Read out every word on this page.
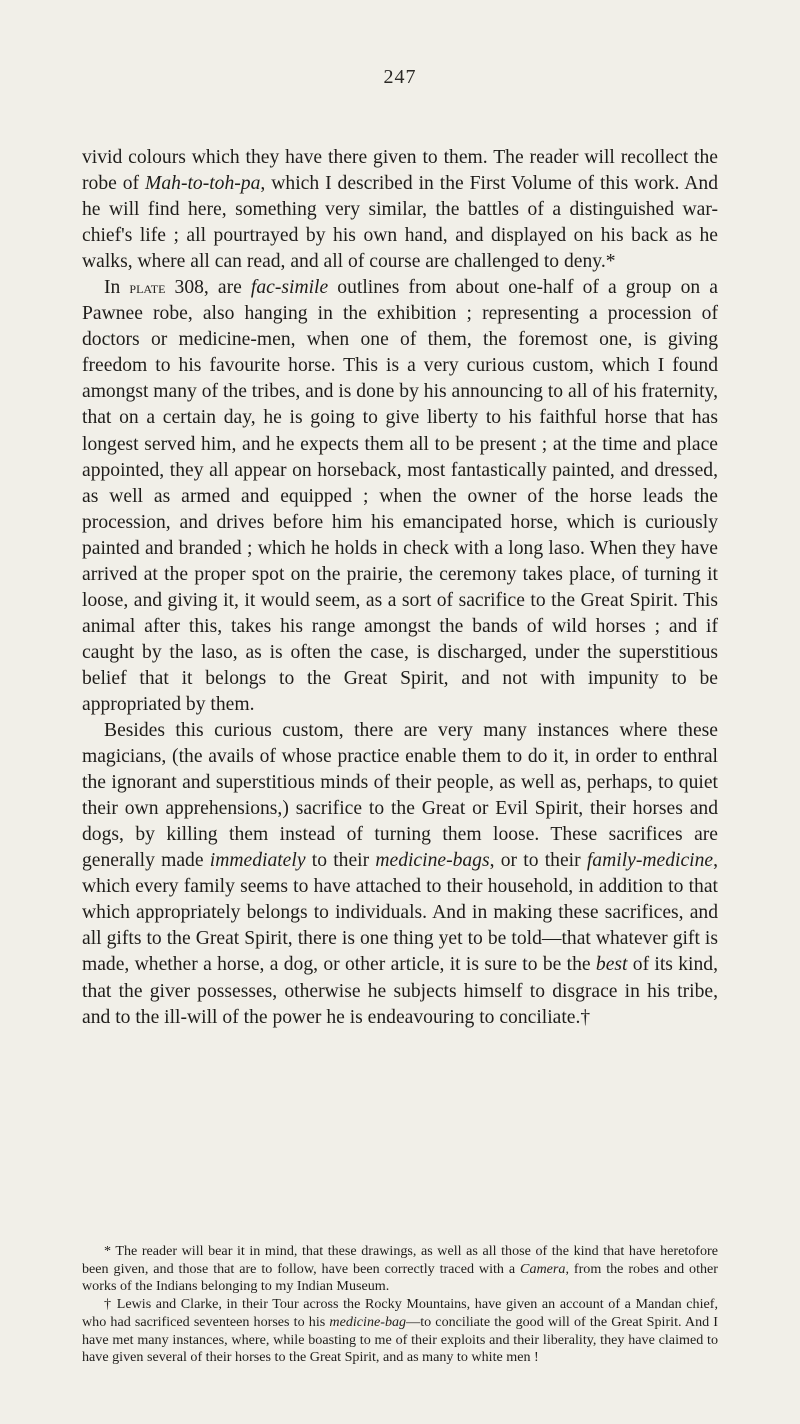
247

vivid colours which they have there given to them. The reader will recollect the robe of Mah-to-toh-pa, which I described in the First Volume of this work. And he will find here, something very similar, the battles of a distinguished war-chief's life ; all pourtrayed by his own hand, and displayed on his back as he walks, where all can read, and all of course are challenged to deny.*

In plate 308, are fac-simile outlines from about one-half of a group on a Pawnee robe, also hanging in the exhibition ; representing a procession of doctors or medicine-men, when one of them, the foremost one, is giving freedom to his favourite horse. This is a very curious custom, which I found amongst many of the tribes, and is done by his announcing to all of his fraternity, that on a certain day, he is going to give liberty to his faithful horse that has longest served him, and he expects them all to be present ; at the time and place appointed, they all appear on horseback, most fantastically painted, and dressed, as well as armed and equipped ; when the owner of the horse leads the procession, and drives before him his emancipated horse, which is curiously painted and branded ; which he holds in check with a long laso. When they have arrived at the proper spot on the prairie, the ceremony takes place, of turning it loose, and giving it, it would seem, as a sort of sacrifice to the Great Spirit. This animal after this, takes his range amongst the bands of wild horses ; and if caught by the laso, as is often the case, is discharged, under the superstitious belief that it belongs to the Great Spirit, and not with impunity to be appropriated by them.

Besides this curious custom, there are very many instances where these magicians, (the avails of whose practice enable them to do it, in order to enthral the ignorant and superstitious minds of their people, as well as, perhaps, to quiet their own apprehensions,) sacrifice to the Great or Evil Spirit, their horses and dogs, by killing them instead of turning them loose. These sacrifices are generally made immediately to their medicine-bags, or to their family-medicine, which every family seems to have attached to their household, in addition to that which appropriately belongs to individuals. And in making these sacrifices, and all gifts to the Great Spirit, there is one thing yet to be told—that whatever gift is made, whether a horse, a dog, or other article, it is sure to be the best of its kind, that the giver possesses, otherwise he subjects himself to disgrace in his tribe, and to the ill-will of the power he is endeavouring to conciliate.†

* The reader will bear it in mind, that these drawings, as well as all those of the kind that have heretofore been given, and those that are to follow, have been correctly traced with a Camera, from the robes and other works of the Indians belonging to my Indian Museum.

† Lewis and Clarke, in their Tour across the Rocky Mountains, have given an account of a Mandan chief, who had sacrificed seventeen horses to his medicine-bag—to conciliate the good will of the Great Spirit. And I have met many instances, where, while boasting to me of their exploits and their liberality, they have claimed to have given several of their horses to the Great Spirit, and as many to white men !
